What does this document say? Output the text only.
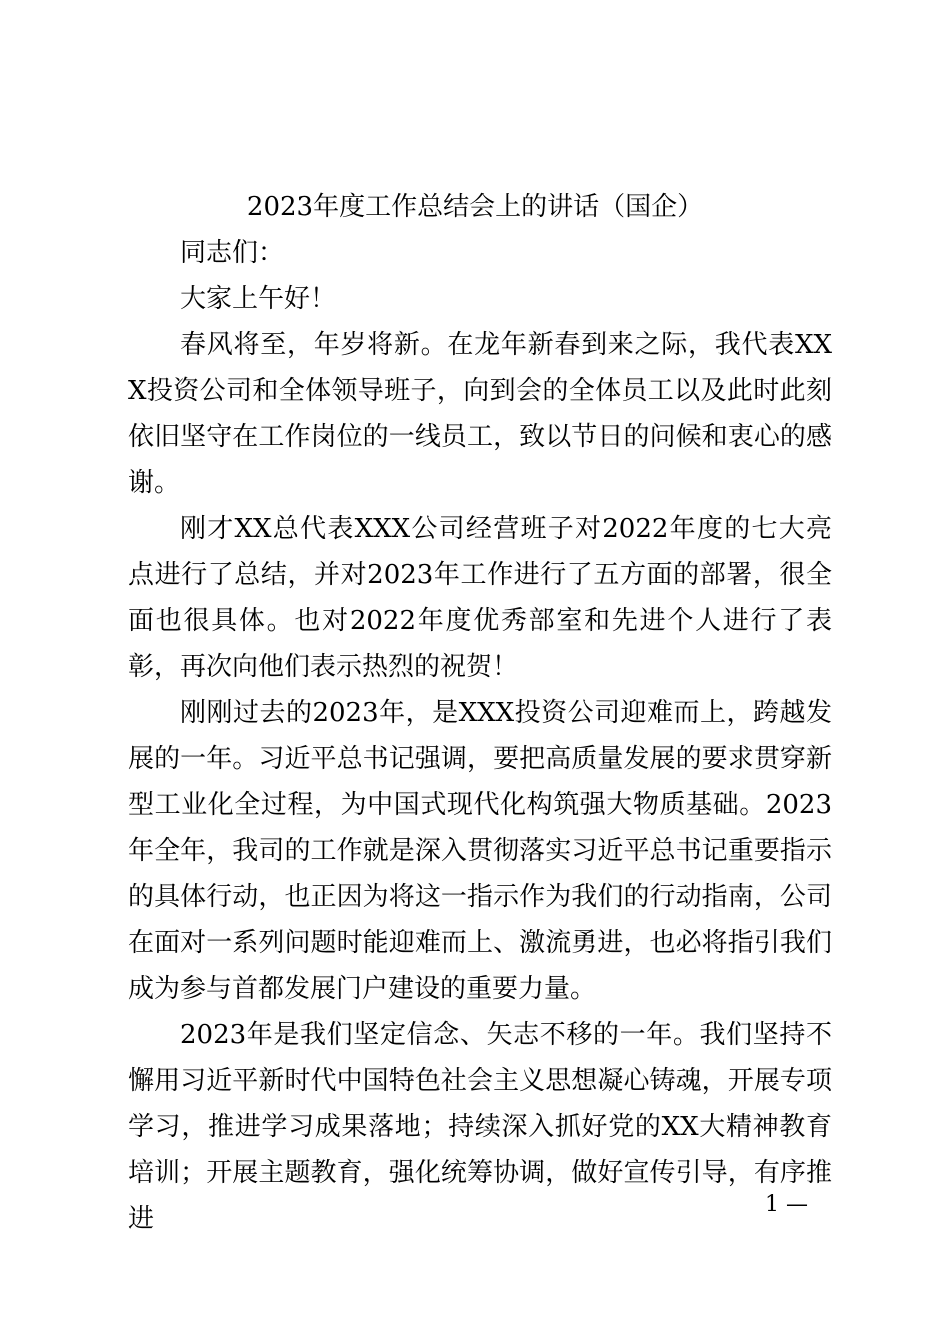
2023年度工作总结会上的讲话（国企）

同志们：

大家上午好！

春风将至，年岁将新。在龙年新春到来之际，我代表XXX投资公司和全体领导班子，向到会的全体员工以及此时此刻依旧坚守在工作岗位的一线员工，致以节日的问候和衷心的感谢。

刚才XX总代表XXX公司经营班子对2022年度的七大亮点进行了总结，并对2023年工作进行了五方面的部署，很全面也很具体。也对2022年度优秀部室和先进个人进行了表彰，再次向他们表示热烈的祝贺！

刚刚过去的2023年，是XXX投资公司迎难而上，跨越发展的一年。习近平总书记强调，要把高质量发展的要求贯穿新型工业化全过程，为中国式现代化构筑强大物质基础。2023年全年，我司的工作就是深入贯彻落实习近平总书记重要指示的具体行动，也正因为将这一指示作为我们的行动指南，公司在面对一系列问题时能迎难而上、激流勇进，也必将指引我们成为参与首都发展门户建设的重要力量。

2023年是我们坚定信念、矢志不移的一年。我们坚持不懈用习近平新时代中国特色社会主义思想凝心铸魂，开展专项学习，推进学习成果落地；持续深入抓好党的XX大精神教育培训；开展主题教育，强化统筹协调，做好宣传引导，有序推进	1 —
